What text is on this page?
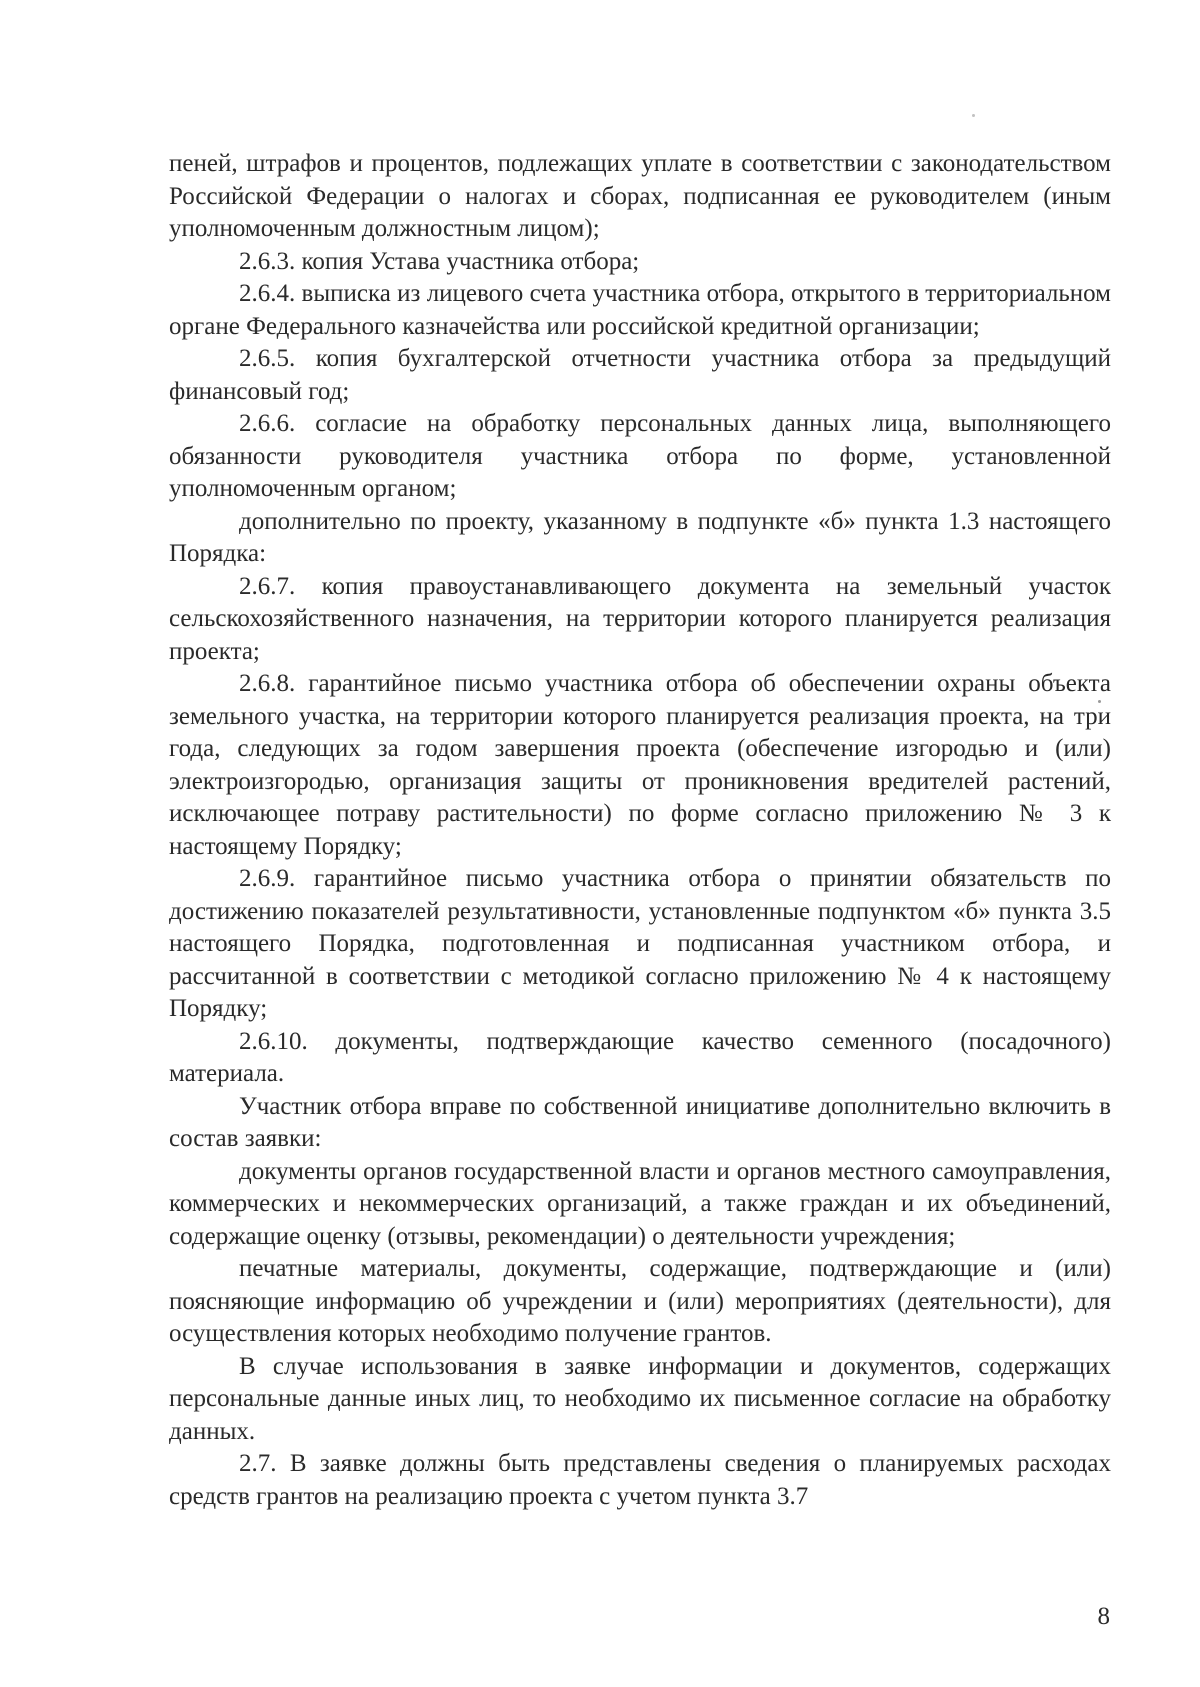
пеней, штрафов и процентов, подлежащих уплате в соответствии с законодательством Российской Федерации о налогах и сборах, подписанная ее руководителем (иным уполномоченным должностным лицом);

2.6.3. копия Устава участника отбора;

2.6.4. выписка из лицевого счета участника отбора, открытого в территориальном органе Федерального казначейства или российской кредитной организации;

2.6.5. копия бухгалтерской отчетности участника отбора за предыдущий финансовый год;

2.6.6. согласие на обработку персональных данных лица, выполняющего обязанности руководителя участника отбора по форме, установленной уполномоченным органом;

дополнительно по проекту, указанному в подпункте «б» пункта 1.3 настоящего Порядка:

2.6.7. копия правоустанавливающего документа на земельный участок сельскохозяйственного назначения, на территории которого планируется реализация проекта;

2.6.8. гарантийное письмо участника отбора об обеспечении охраны объекта земельного участка, на территории которого планируется реализация проекта, на три года, следующих за годом завершения проекта (обеспечение изгородью и (или) электроизгородью, организация защиты от проникновения вредителей растений, исключающее потраву растительности) по форме согласно приложению № 3 к настоящему Порядку;

2.6.9. гарантийное письмо участника отбора о принятии обязательств по достижению показателей результативности, установленные подпунктом «б» пункта 3.5 настоящего Порядка, подготовленная и подписанная участником отбора, и рассчитанной в соответствии с методикой согласно приложению № 4 к настоящему Порядку;

2.6.10. документы, подтверждающие качество семенного (посадочного) материала.

Участник отбора вправе по собственной инициативе дополнительно включить в состав заявки:

документы органов государственной власти и органов местного самоуправления, коммерческих и некоммерческих организаций, а также граждан и их объединений, содержащие оценку (отзывы, рекомендации) о деятельности учреждения;

печатные материалы, документы, содержащие, подтверждающие и (или) поясняющие информацию об учреждении и (или) мероприятиях (деятельности), для осуществления которых необходимо получение грантов.

В случае использования в заявке информации и документов, содержащих персональные данные иных лиц, то необходимо их письменное согласие на обработку данных.

2.7. В заявке должны быть представлены сведения о планируемых расходах средств грантов на реализацию проекта с учетом пункта 3.7

8
